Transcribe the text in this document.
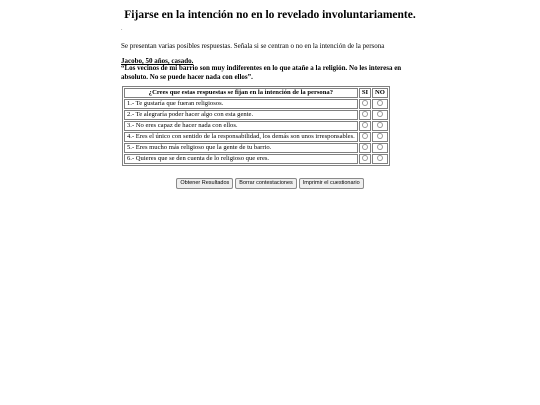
Fijarse en la intención no en lo revelado involuntariamente.
.
Se presentan varias posibles respuestas. Señala si se centran o no en la intención de la persona
Jacobo, 50 años, casado.
“Los vecinos de mi barrio son muy indiferentes en lo que atañe a la religión. No les interesa en absoluto. No se puede hacer nada con ellos”.
¿Crees que estas respuestas se fijan en la intención de la persona?	SI	NO
1.- Te gustaría que fueran religiosos.		
2.- Te alegraría poder hacer algo con esta gente.		
3.- No eres capaz de hacer nada con ellos.		
4.- Eres el único con sentido de la responsabilidad, los demás son unos irresponsables.		
5.- Eres mucho más religioso que la gente de tu barrio.		
6.- Quieres que se den cuenta de lo religioso que eres.		
Obtener Resultados Borrar contestaciones Imprimir el cuestionario
